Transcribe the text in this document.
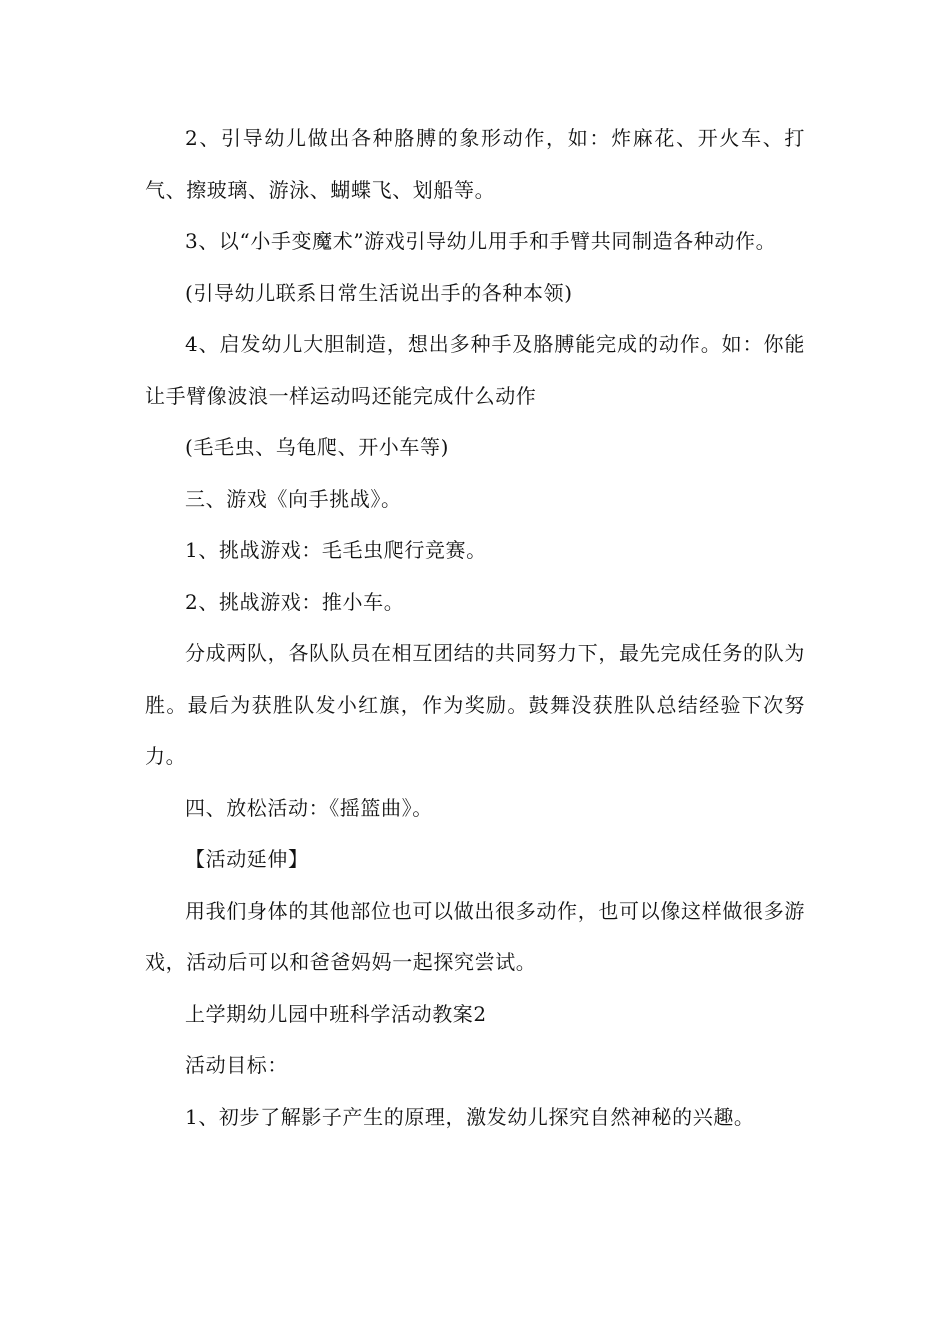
2、引导幼儿做出各种胳膊的象形动作，如：炸麻花、开火车、打气、擦玻璃、游泳、蝴蝶飞、划船等。

3、以“小手变魔术”游戏引导幼儿用手和手臂共同制造各种动作。

(引导幼儿联系日常生活说出手的各种本领)

4、启发幼儿大胆制造，想出多种手及胳膊能完成的动作。如：你能让手臂像波浪一样运动吗还能完成什么动作

(毛毛虫、乌龟爬、开小车等)

三、游戏《向手挑战》。

1、挑战游戏：毛毛虫爬行竞赛。

2、挑战游戏：推小车。

分成两队，各队队员在相互团结的共同努力下，最先完成任务的队为胜。最后为获胜队发小红旗，作为奖励。鼓舞没获胜队总结经验下次努力。

四、放松活动：《摇篮曲》。

【活动延伸】

用我们身体的其他部位也可以做出很多动作，也可以像这样做很多游戏，活动后可以和爸爸妈妈一起探究尝试。

上学期幼儿园中班科学活动教案2

活动目标：

1、初步了解影子产生的原理，激发幼儿探究自然神秘的兴趣。
